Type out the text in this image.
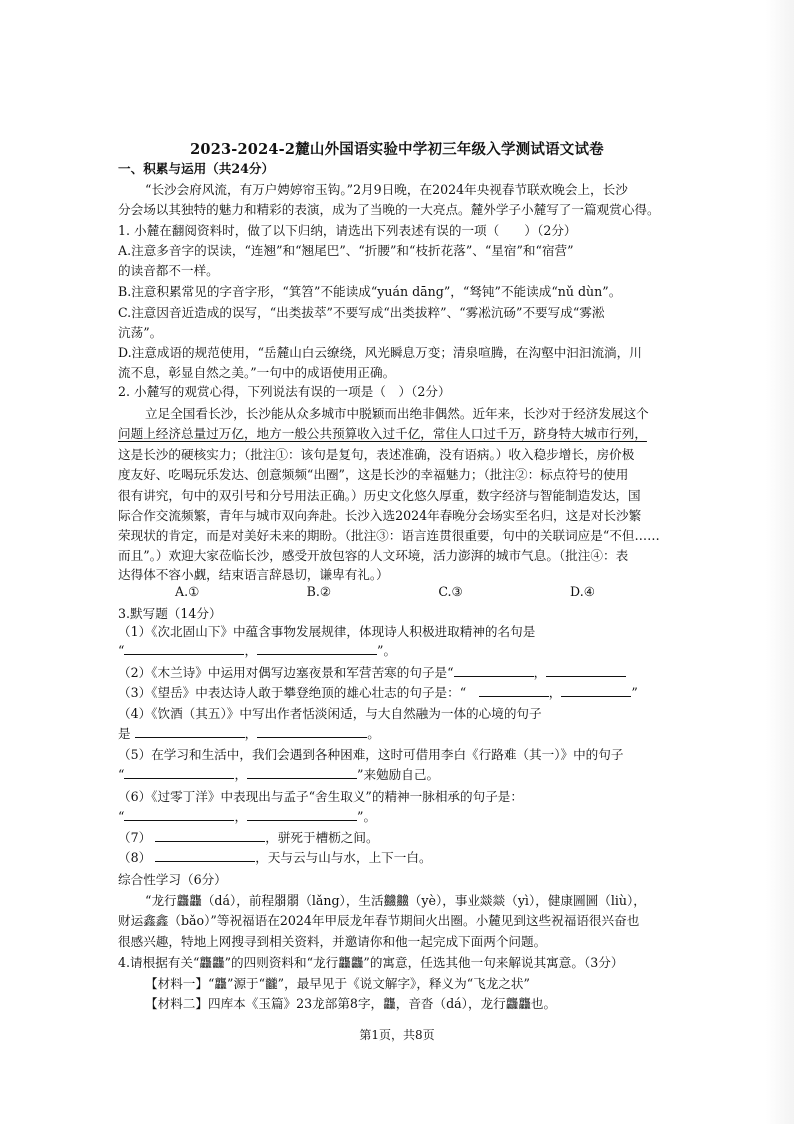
2023-2024-2麓山外国语实验中学初三年级入学测试语文试卷
一、积累与运用（共24分）
“长沙会府风流，有万户娉婷帘玉钩。”2月9日晚，在2024年央视春节联欢晚会上，长沙
分会场以其独特的魅力和精彩的表演，成为了当晚的一大亮点。麓外学子小麓写了一篇观赏心得。
1. 小麓在翻阅资料时，做了以下归纳，请选出下列表述有误的一项（　　）（2分）
A.注意多音字的误读，“连翘”和“翘尾巴”、“折腰”和“枝折花落”、“星宿”和“宿营”
的读音都不一样。
B.注意积累常见的字音字形，“箕笤”不能读成“yuán dāng”，“驽钝”不能读成“nǔ dùn”。
C.注意因音近造成的误写，“出类拔萃”不要写成“出类拔粹”、“雾凇沆砀”不要写成“雾淞
沆荡”。
D.注意成语的规范使用，“岳麓山白云缭绕，风光瞬息万变；清泉喧腾，在沟壑中汩汩流淌，川
流不息，彰显自然之美。”一句中的成语使用正确。
2. 小麓写的观赏心得，下列说法有误的一项是（　）（2分）
立足全国看长沙，长沙能从众多城市中脱颖而出绝非偶然。近年来，长沙对于经济发展这个
问题上经济总量过万亿，地方一般公共预算收入过千亿，常住人口过千万，跻身特大城市行列，
这是长沙的硬核实力；（批注①：该句是复句，表述准确，没有语病。）收入稳步增长，房价极
度友好、吃喝玩乐发达、创意频频“出圈”，这是长沙的幸福魅力；（批注②：标点符号的使用
很有讲究，句中的双引号和分号用法正确。）历史文化悠久厚重，数字经济与智能制造发达，国
际合作交流频繁，青年与城市双向奔赴。长沙入选2024年春晚分会场实至名归，这是对长沙繁
荣现状的肯定，而是对美好未来的期盼。（批注③：语言连贯很重要，句中的关联词应是“不但……
而且”。）欢迎大家莅临长沙，感受开放包容的人文环境，活力澎湃的城市气息。（批注④：表
达得体不容小觑，结束语言辞恳切，谦卑有礼。）
A.①	B.②	C.③	D.④
3.默写题（14分）
（1）《次北固山下》中蕴含事物发展规律，体现诗人积极进取精神的名句是
“	，	”。
（2）《木兰诗》中运用对偶写边塞夜景和军营苦寒的句子是“	，
（3）《望岳》中表达诗人敢于攀登绝顶的雄心壮志的句子是：“　	，	”
（4）《饮酒（其五）》中写出作者恬淡闲适，与大自然融为一体的心境的句子
是	，	。
（5）在学习和生活中，我们会遇到各种困难，这时可借用李白《行路难（其一）》中的句子
“	，	”来勉励自己。
（6）《过零丁洋》中表现出与孟子“舍生取义”的精神一脉相承的句子是：
“	，	”。
（7）	，骈死于槽枥之间。
（8）	，天与云与山与水，上下一白。
综合性学习（6分）
“龙行龘龘（dá），前程朤朤（lǎng），生活䲜䲜（yè），事业燚燚（yì），健康圌圌（liù），
财运鑫鑫（bǎo）”等祝福语在2024年甲辰龙年春节期间火出圈。小麓见到这些祝福语很兴奋也
很感兴趣，特地上网搜寻到相关资料，并邀请你和他一起完成下面两个问题。
4.请根据有关“龘龘”的四则资料和“龙行龘龘”的寓意，任选其他一句来解说其寓意。（3分）
【材料一】“龘”源于“龖”，最早见于《说文解字》，释义为“飞龙之状”
【材料二】四库本《玉篇》23龙部第8字，龘，音沓（dá），龙行龘龘也。
第1页，共8页
